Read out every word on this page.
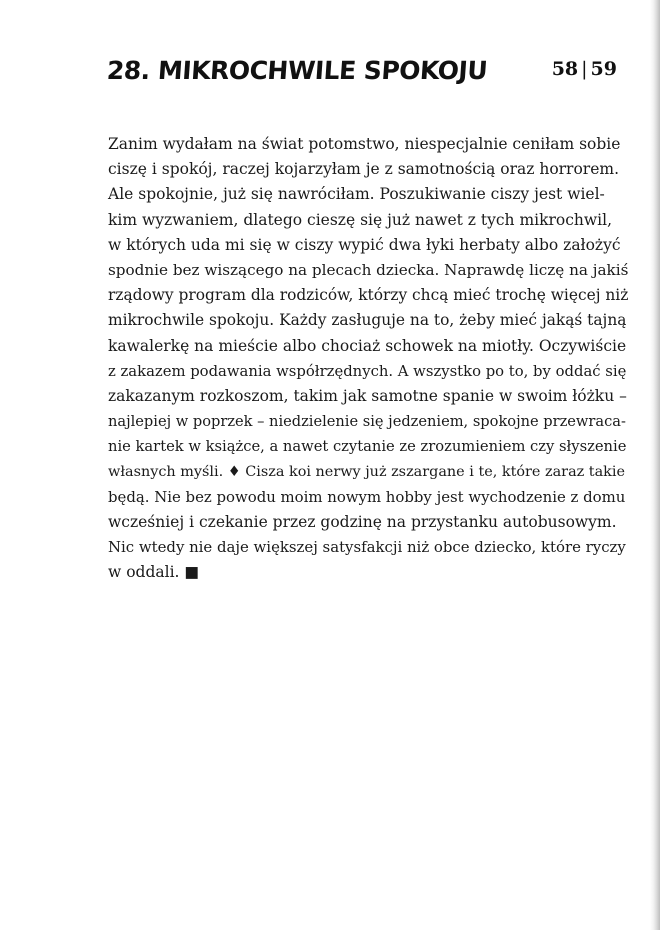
28. MIKROCHWILE SPOKOJU	58 | 59

Zanim wydałam na świat potomstwo, niespecjalnie ceniłam sobie
ciszę i spokój, raczej kojarzyłam je z samotnością oraz horrorem.
Ale spokojnie, już się nawróciłam. Poszukiwanie ciszy jest wiel-
kim wyzwaniem, dlatego cieszę się już nawet z tych mikrochwil,
w których uda mi się w ciszy wypić dwa łyki herbaty albo założyć
spodnie bez wiszącego na plecach dziecka. Naprawdę liczę na jakiś
rządowy program dla rodziców, którzy chcą mieć trochę więcej niż
mikrochwile spokoju. Każdy zasługuje na to, żeby mieć jakąś tajną
kawalerkę na mieście albo chociaż schowek na miotły. Oczywiście
z zakazem podawania współrzędnych. A wszystko po to, by oddać się
zakazanym rozkoszom, takim jak samotne spanie w swoim łóżku –
najlepiej w poprzek – niedzielenie się jedzeniem, spokojne przewraca-
nie kartek w książce, a nawet czytanie ze zrozumieniem czy słyszenie
własnych myśli. ♦ Cisza koi nerwy już zszargane i te, które zaraz takie
będą. Nie bez powodu moim nowym hobby jest wychodzenie z domu
wcześniej i czekanie przez godzinę na przystanku autobusowym.
Nic wtedy nie daje większej satysfakcji niż obce dziecko, które ryczy
w oddali. ■
